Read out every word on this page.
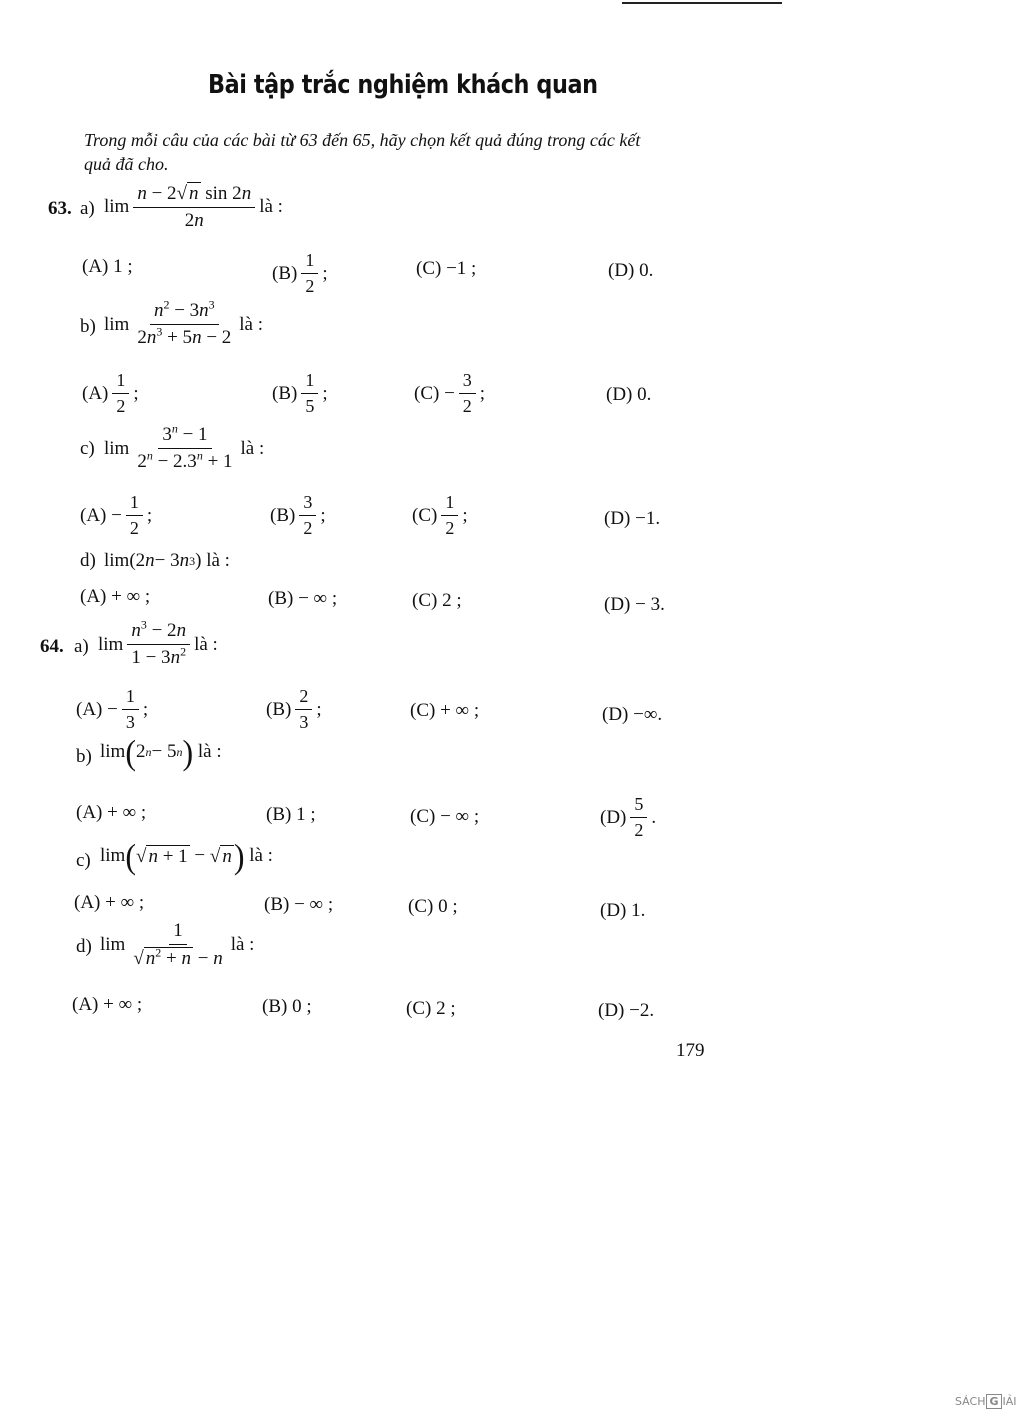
Bài tập trắc nghiệm khách quan
Trong mỗi câu của các bài từ 63 đến 65, hãy chọn kết quả đúng trong các kết
quả đã cho.
63. a) $\lim \frac{\text{n − 2 √ n sin 2n}}{2n}$ là :
(A) 1 ;	$(B) \frac{1}{2}$ ;	(C) −1 ;	(D) 0.
b) $\lim \frac{n^2 - 3n^3}{2n^3 + 5n - 2}$ là :
$(A) \frac{1}{2}$ ;	$(B) \frac{1}{5}$ ;	$(C) - \frac{3}{2}$ ;	(D) 0.
c) $\lim \frac{3^n - 1}{2^n - 2.3^n + 1}$ là :
$(A) - \frac{1}{2}$ ;	$(B) \frac{3}{2}$ ;	$(C) \frac{1}{2}$ ;	(D) −1.
d) lim(2 n − 3 n 3 ) là :
(A) + ∞ ;	(B) − ∞ ;	(C) 2 ;	(D) − 3.
64. a) $\lim \frac{n^3 - 2n}{1 - 3n^2}$ là :
$(A) - \frac{1}{3}$ ;	$(B) \frac{2}{3}$ ;	(C) + ∞ ;	(D) −∞.
b) lim ( 2 n − 5 n )
là :
(A) + ∞ ;	(B) 1 ;	(C) − ∞ ;	$(D) \frac{5}{2}$ .
c) lim ( √ n + 1 − √ n )
là :
(A) + ∞ ;	(B) − ∞ ;	(C) 0 ;	(D) 1.
d) $\lim \frac{1}{√ n^2 + n - n}$ là :
(A) + ∞ ;	(B) 0 ;	(C) 2 ;	(D) −2.
179
SÁCH G IẢI
